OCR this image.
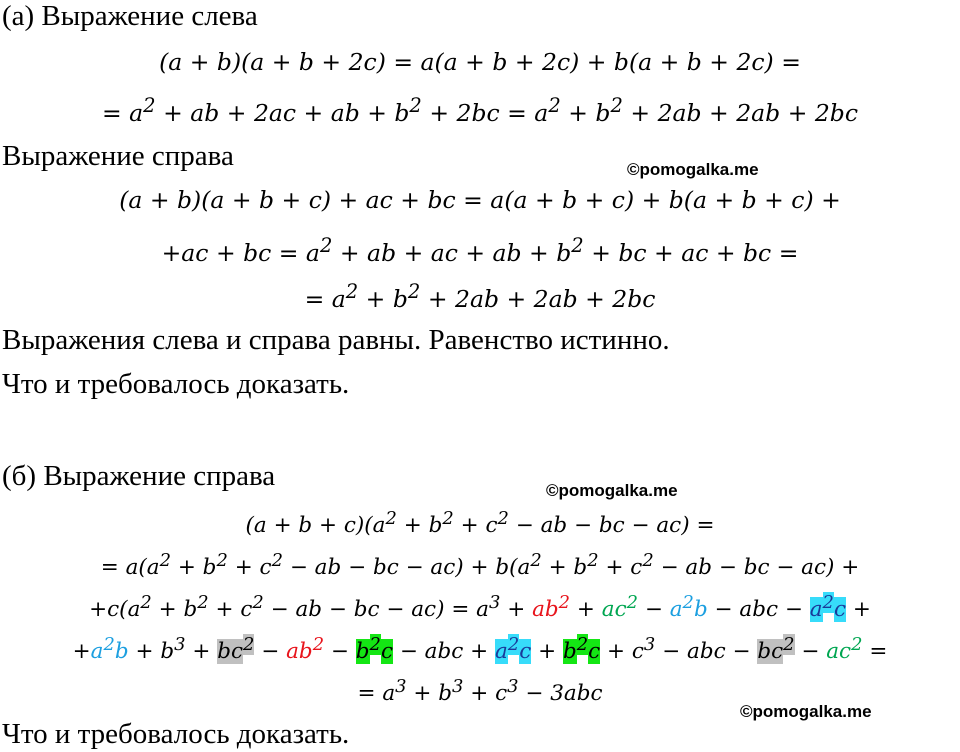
(а) Выражение слева
(a + b)(a + b + 2c) = a(a + b + 2c) + b(a + b + 2c) =
= $a^2$ + ab + 2ac + ab + $b^2 + 2bc = a^2 + b^2 + 2ab + 2ab + 2bc$
Выражение справа	©pomogalka.me
(a + b)(a + b + c) + ac + bc = a(a + b + c) + b(a + b + c) +
+ac + bc = $a^2$ + ab + ac + ab + $b^2$ + bc + ac + bc =
= $a^2 + b^2 + 2ab + 2ab + 2bc$
Выражения слева и справа равны. Равенство истинно.
Что и требовалось доказать.
(б) Выражение справа	©pomogalka.me
$(a + b + c)(a^2 + b^2 + c^2$ − ab − bc − ac) =
= $a(a^2 + b^2 + c^2$ − ab − bc − $ac) + b(a^2 + b^2 + c^2$ − ab − bc − ac) +
$+c(a^2 + b^2 + c^2$ − ab − bc − $ac) = a^3 + ab^2 + ac^2 - a^2b$ − abc − $a^2c$ +
$+a^2b + b^3 + bc^2 - ab^2 - b^2c$ − abc + $a^2c + b^2c + c^3$ − abc − $bc^2 - ac^2$ =
= $a^3 + b^3 + c^3 - 3abc$
©pomogalka.me
Что и требовалось доказать.
